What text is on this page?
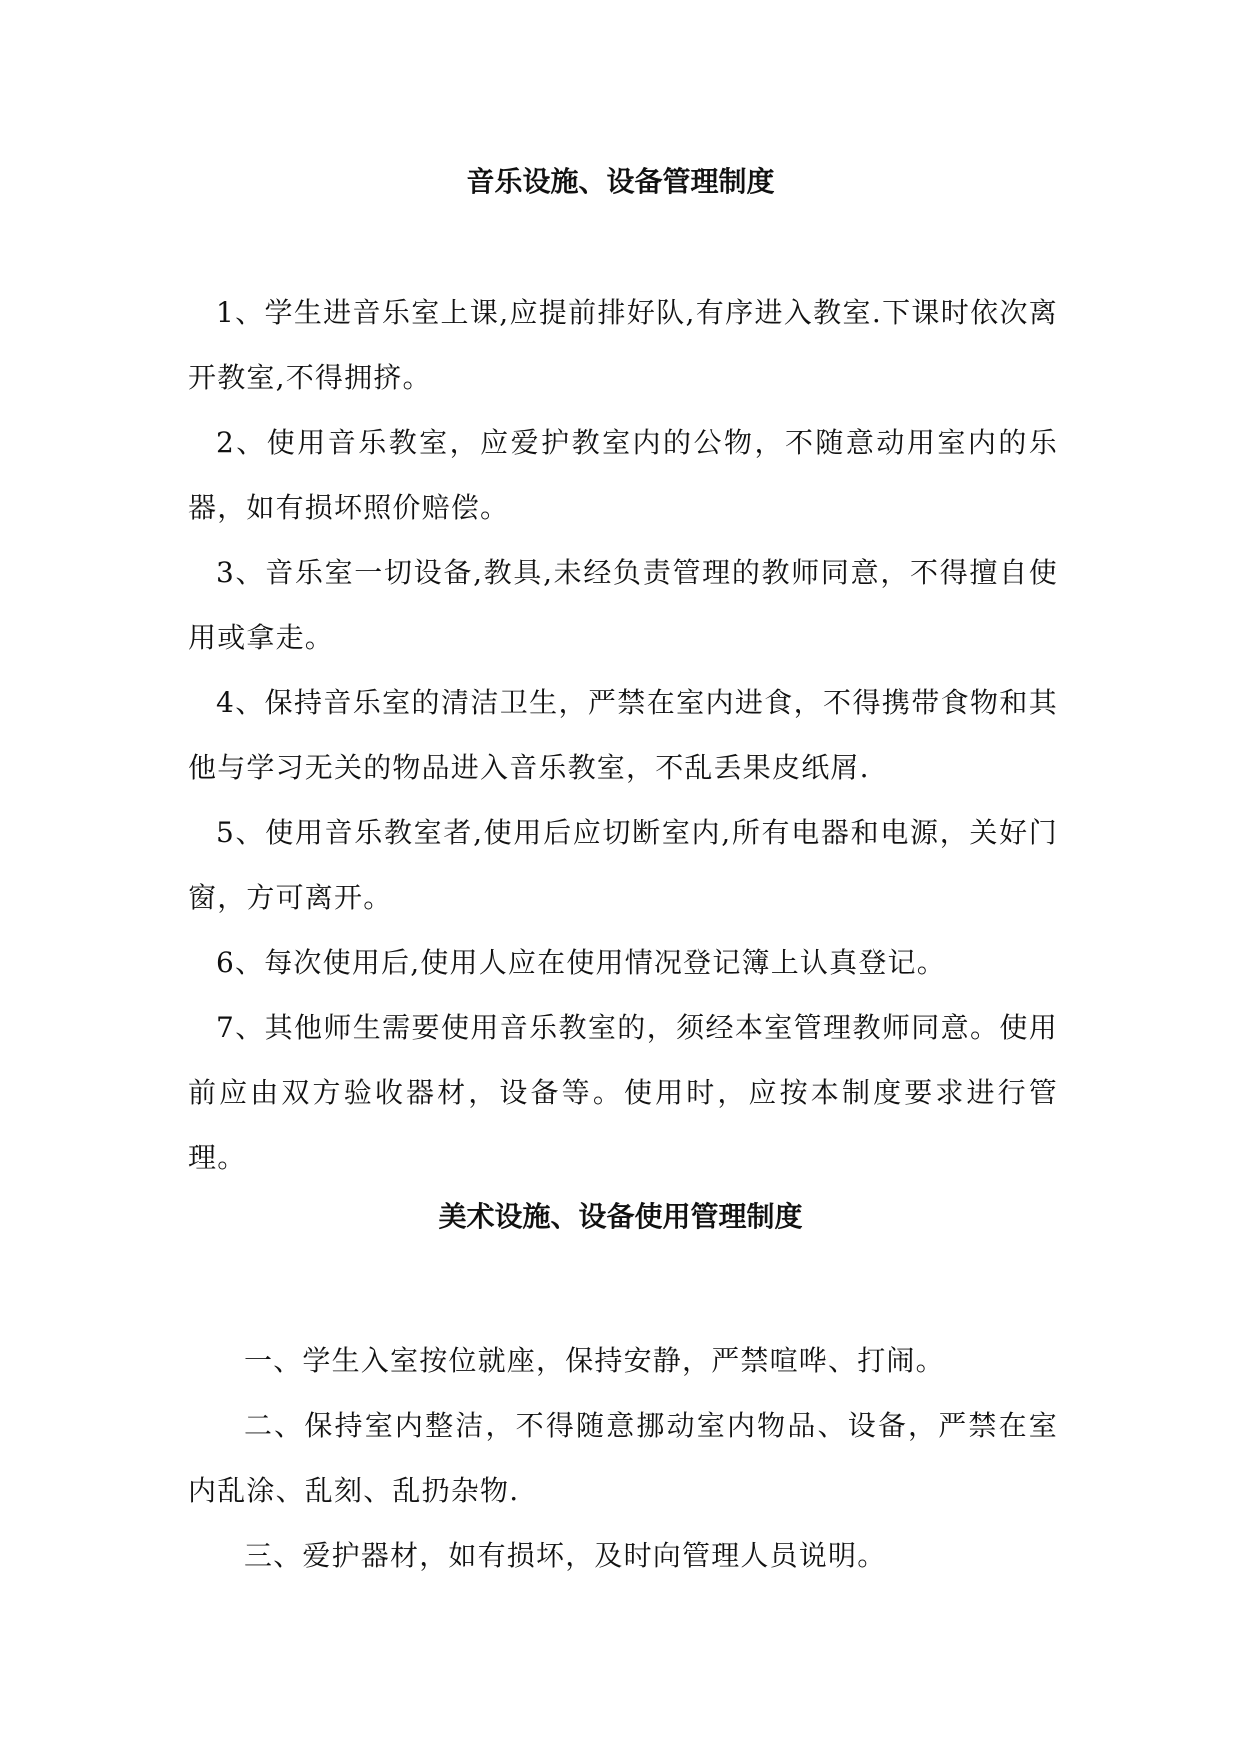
音乐设施、设备管理制度

1、学生进音乐室上课,应提前排好队,有序进入教室.下课时依次离开教室,不得拥挤。

2、使用音乐教室，应爱护教室内的公物，不随意动用室内的乐器，如有损坏照价赔偿。

3、音乐室一切设备,教具,未经负责管理的教师同意，不得擅自使用或拿走。

4、保持音乐室的清洁卫生，严禁在室内进食，不得携带食物和其他与学习无关的物品进入音乐教室，不乱丢果皮纸屑.

5、使用音乐教室者,使用后应切断室内,所有电器和电源，关好门窗，方可离开。

6、每次使用后,使用人应在使用情况登记簿上认真登记。

7、其他师生需要使用音乐教室的，须经本室管理教师同意。使用前应由双方验收器材，设备等。使用时，应按本制度要求进行管理。

美术设施、设备使用管理制度

一、学生入室按位就座，保持安静，严禁喧哗、打闹。

二、保持室内整洁，不得随意挪动室内物品、设备，严禁在室内乱涂、乱刻、乱扔杂物.

三、爱护器材，如有损坏，及时向管理人员说明。
